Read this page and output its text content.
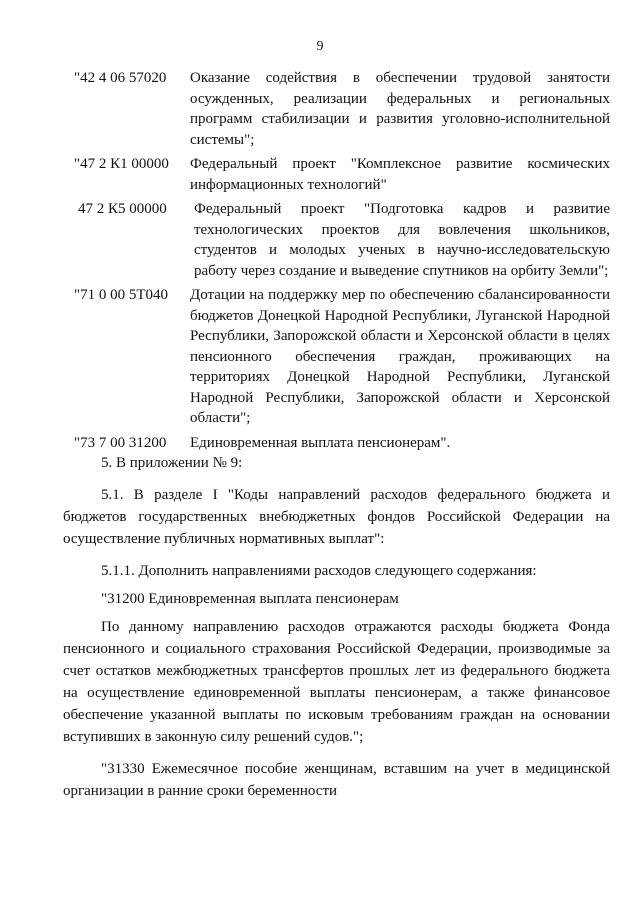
9
"42 4 06 57020	Оказание содействия в обеспечении трудовой занятости осужденных, реализации федеральных и региональных программ стабилизации и развития уголовно-исполнительной системы";
"47 2 К1 00000	Федеральный проект "Комплексное развитие космических информационных технологий"
47 2 К5 00000	Федеральный проект "Подготовка кадров и развитие технологических проектов для вовлечения школьников, студентов и молодых ученых в научно-исследовательскую работу через создание и выведение спутников на орбиту Земли";
"71 0 00 5Т040	Дотации на поддержку мер по обеспечению сбалансированности бюджетов Донецкой Народной Республики, Луганской Народной Республики, Запорожской области и Херсонской области в целях пенсионного обеспечения граждан, проживающих на территориях Донецкой Народной Республики, Луганской Народной Республики, Запорожской области и Херсонской области";
"73 7 00 31200	Единовременная выплата пенсионерам".

5. В приложении № 9:

5.1. В разделе I "Коды направлений расходов федерального бюджета и бюджетов государственных внебюджетных фондов Российской Федерации на осуществление публичных нормативных выплат":

5.1.1. Дополнить направлениями расходов следующего содержания:

"31200 Единовременная выплата пенсионерам

По данному направлению расходов отражаются расходы бюджета Фонда пенсионного и социального страхования Российской Федерации, производимые за счет остатков межбюджетных трансфертов прошлых лет из федерального бюджета на осуществление единовременной выплаты пенсионерам, а также финансовое обеспечение указанной выплаты по исковым требованиям граждан на основании вступивших в законную силу решений судов.";

"31330 Ежемесячное пособие женщинам, вставшим на учет в медицинской организации в ранние сроки беременности
